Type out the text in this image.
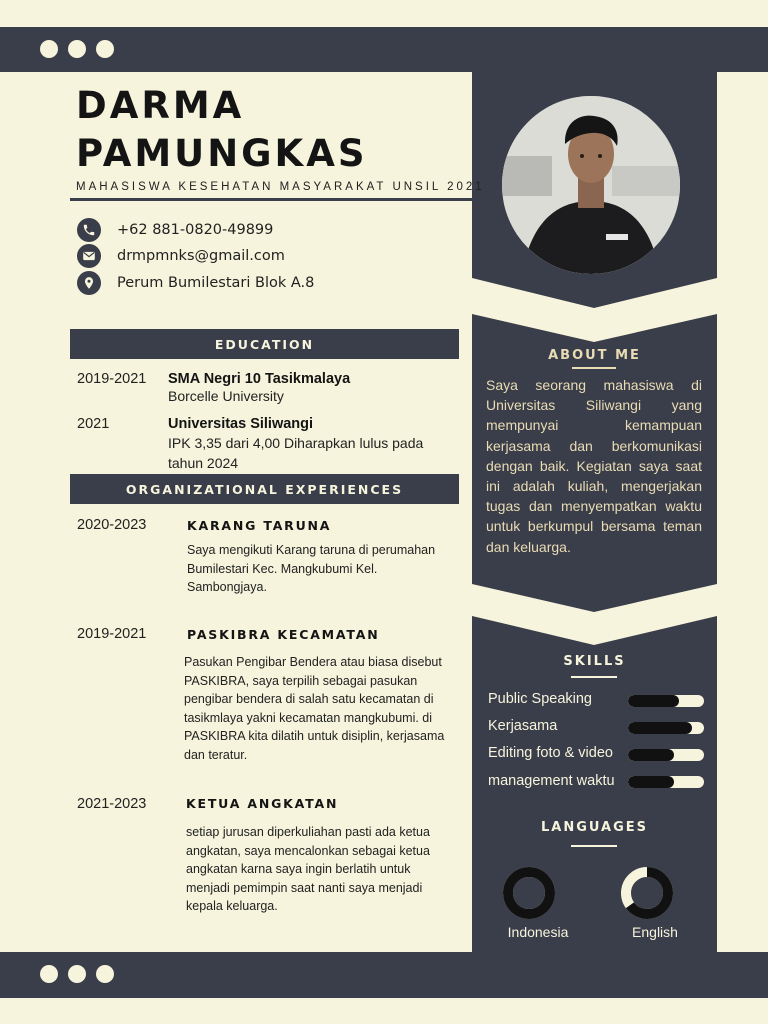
DARMA
PAMUNGKAS
MAHASISWA KESEHATAN MASYARAKAT UNSIL 2021
+62 881-0820-49899
drmpmnks@gmail.com
Perum Bumilestari Blok A.8
EDUCATION
2019-2021 SMA Negri 10 Tasikmalaya
Borcelle University
2021	Universitas Siliwangi
IPK 3,35 dari 4,00 Diharapkan lulus pada tahun 2024
ORGANIZATIONAL EXPERIENCES
2020-2023	KARANG TARUNA
Saya mengikuti Karang taruna di perumahan Bumilestari Kec. Mangkubumi Kel. Sambongjaya.
2019-2021	PASKIBRA KECAMATAN
Pasukan Pengibar Bendera atau biasa disebut PASKIBRA, saya terpilih sebagai pasukan pengibar bendera di salah satu kecamatan di tasikmlaya yakni kecamatan mangkubumi. di PASKIBRA kita dilatih untuk disiplin, kerjasama dan teratur.
2021-2023	KETUA ANGKATAN
setiap jurusan diperkuliahan pasti ada ketua angkatan, saya mencalonkan sebagai ketua angkatan karna saya ingin berlatih untuk menjadi pemimpin saat nanti saya menjadi kepala keluarga.
ABOUT ME
Saya seorang mahasiswa di Universitas Siliwangi yang mempunyai kemampuan kerjasama dan berkomunikasi dengan baik. Kegiatan saya saat ini adalah kuliah, mengerjakan tugas dan menyempatkan waktu untuk berkumpul bersama teman dan keluarga.
SKILLS
Public Speaking
Kerjasama
Editing foto & video
management waktu
LANGUAGES
Indonesia	English
